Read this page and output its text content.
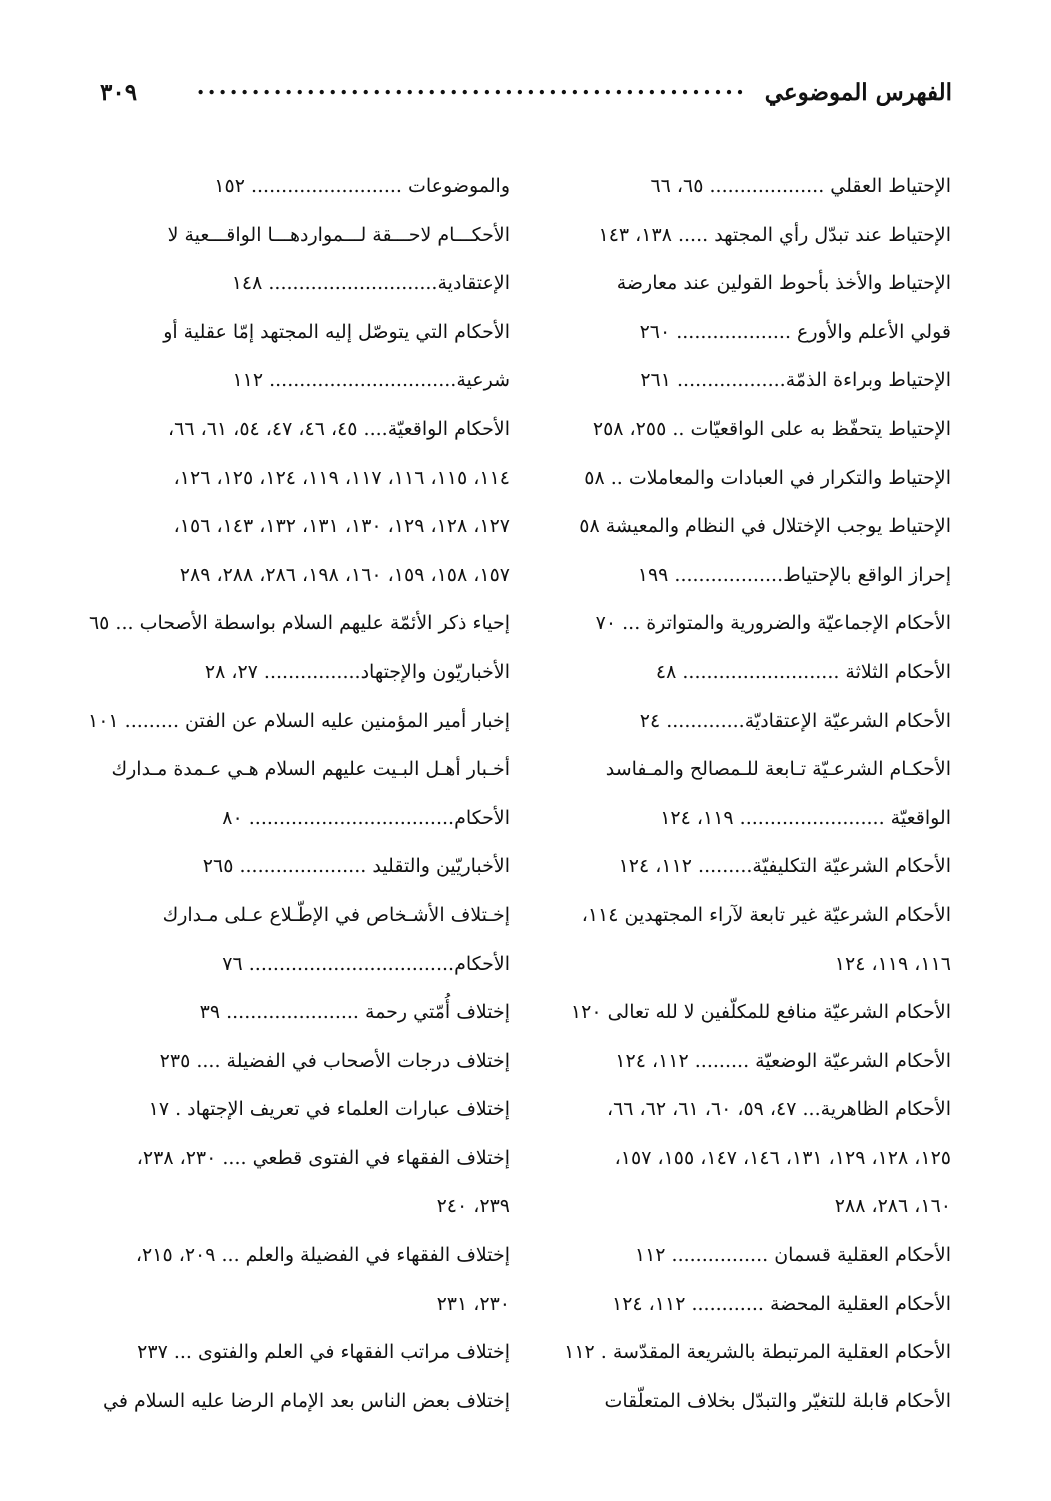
الفهرس الموضوعي
..................................................
٣٠٩
الإحتياط العقلي ................... ٦٥، ٦٦
الإحتياط عند تبدّل رأي المجتهد ..... ١٣٨، ١٤٣
الإحتياط والأخذ بأحوط القولين عند معارضة
قولي الأعلم والأورع ................... ٢٦٠
الإحتياط وبراءة الذمّة.................. ٢٦١
الإحتياط يتحفّظ به على الواقعيّات .. ٢٥٥، ٢٥٨
الإحتياط والتكرار في العبادات والمعاملات .. ٥٨
الإحتياط يوجب الإختلال في النظام والمعيشة ٥٨
إحراز الواقع بالإحتياط.................. ١٩٩
الأحكام الإجماعيّة والضرورية والمتواترة ... ٧٠
الأحكام الثلاثة .......................... ٤٨
الأحكام الشرعيّة الإعتقاديّة............. ٢٤
الأحكـام الشرعـيّة تـابعة للـمصالح والمـفاسد
الواقعيّة ........................ ١١٩، ١٢٤
الأحكام الشرعيّة التكليفيّة......... ١١٢، ١٢٤
الأحكام الشرعيّة غير تابعة لآراء المجتهدين ١١٤،
١١٦، ١١٩، ١٢٤
الأحكام الشرعيّة منافع للمكلّفين لا لله تعالى ١٢٠
الأحكام الشرعيّة الوضعيّة ......... ١١٢، ١٢٤
الأحكام الظاهرية... ٤٧، ٥٩، ٦٠، ٦١، ٦٢، ٦٦،
١٢٥، ١٢٨، ١٢٩، ١٣١، ١٤٦، ١٤٧، ١٥٥، ١٥٧،
١٦٠، ٢٨٦، ٢٨٨
الأحكام العقلية قسمان ................ ١١٢
الأحكام العقلية المحضة ............ ١١٢، ١٢٤
الأحكام العقلية المرتبطة بالشريعة المقدّسة . ١١٢
الأحكام قابلة للتغيّر والتبدّل بخلاف المتعلّقات
والموضوعات ......................... ١٥٢
الأحكـــام لاحـــقة لـــمواردهـــا الواقـــعية لا
الإعتقادية............................ ١٤٨
الأحكام التي يتوصّل إليه المجتهد إمّا عقلية أو
شرعية............................... ١١٢
الأحكام الواقعيّة.... ٤٥، ٤٦، ٤٧، ٥٤، ٦١، ٦٦،
١١٤، ١١٥، ١١٦، ١١٧، ١١٩، ١٢٤، ١٢٥، ١٢٦،
١٢٧، ١٢٨، ١٢٩، ١٣٠، ١٣١، ١٣٢، ١٤٣، ١٥٦،
١٥٧، ١٥٨، ١٥٩، ١٦٠، ١٩٨، ٢٨٦، ٢٨٨، ٢٨٩
إحياء ذكر الأئمّة عليهم السلام بواسطة الأصحاب ... ٦٥
الأخباريّون والإجتهاد................ ٢٧، ٢٨
إخبار أمير المؤمنين عليه السلام عن الفتن ......... ١٠١
أخـبار أهـل البـيت عليهم السلام هـي عـمدة مـدارك
الأحكام.................................. ٨٠
الأخباريّين والتقليد ..................... ٢٦٥
إخـتلاف الأشـخاص في الإطّـلاع عـلى مـدارك
الأحكام.................................. ٧٦
إختلاف أُمّتي رحمة ...................... ٣٩
إختلاف درجات الأصحاب في الفضيلة .... ٢٣٥
إختلاف عبارات العلماء في تعريف الإجتهاد . ١٧
إختلاف الفقهاء في الفتوى قطعي .... ٢٣٠، ٢٣٨،
٢٣٩، ٢٤٠
إختلاف الفقهاء في الفضيلة والعلم ... ٢٠٩، ٢١٥،
٢٣٠، ٢٣١
إختلاف مراتب الفقهاء في العلم والفتوى ... ٢٣٧
إختلاف بعض الناس بعد الإمام الرضا عليه السلام في
